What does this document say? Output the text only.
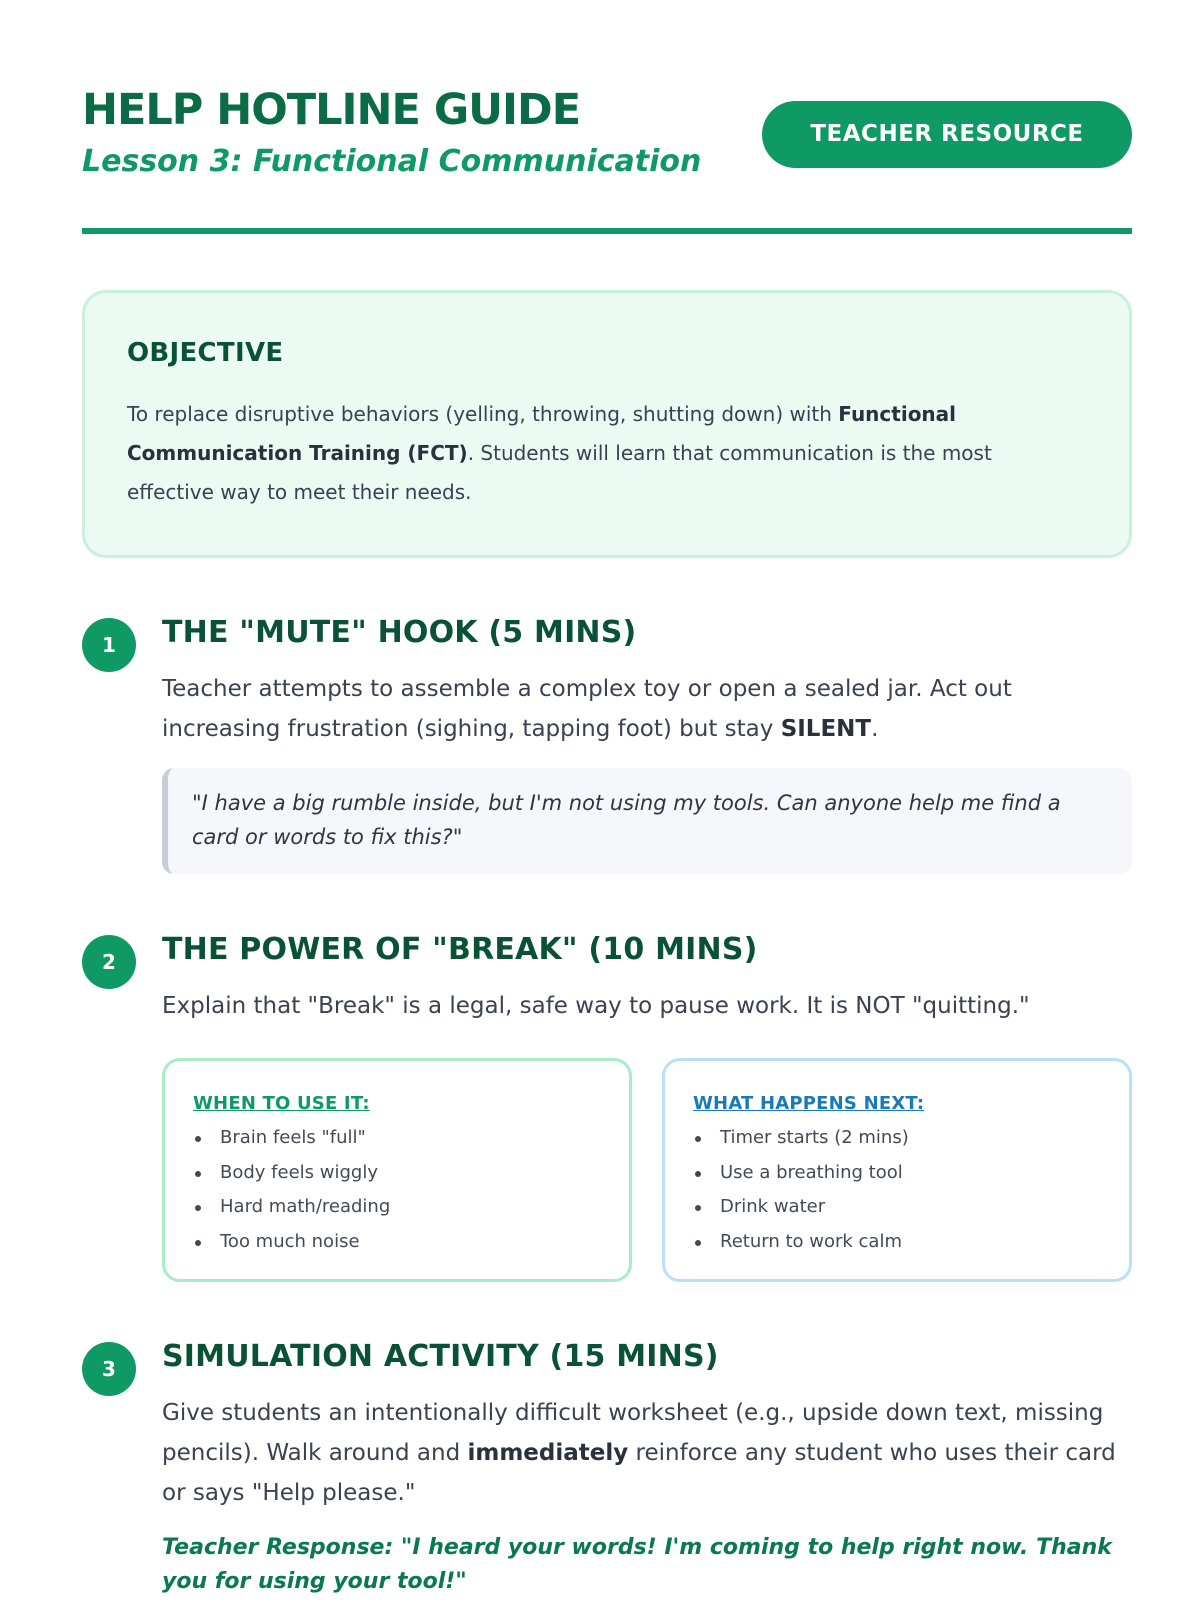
HELP HOTLINE GUIDE
Lesson 3: Functional Communication
TEACHER RESOURCE
OBJECTIVE

To replace disruptive behaviors (yelling, throwing, shutting down) with Functional Communication Training (FCT). Students will learn that communication is the most effective way to meet their needs.

1	THE "MUTE" HOOK (5 MINS)
Teacher attempts to assemble a complex toy or open a sealed jar. Act out increasing frustration (sighing, tapping foot) but stay SILENT.
"I have a big rumble inside, but I'm not using my tools. Can anyone help me find a card or words to fix this?"
2	THE POWER OF "BREAK" (10 MINS)
Explain that "Break" is a legal, safe way to pause work. It is NOT "quitting."
WHEN TO USE IT:
Brain feels "full"
Body feels wiggly
Hard math/reading
Too much noise
WHAT HAPPENS NEXT:
Timer starts (2 mins)
Use a breathing tool
Drink water
Return to work calm
3	SIMULATION ACTIVITY (15 MINS)
Give students an intentionally difficult worksheet (e.g., upside down text, missing pencils). Walk around and immediately reinforce any student who uses their card or says "Help please."
Teacher Response: "I heard your words! I'm coming to help right now. Thank you for using your tool!"
